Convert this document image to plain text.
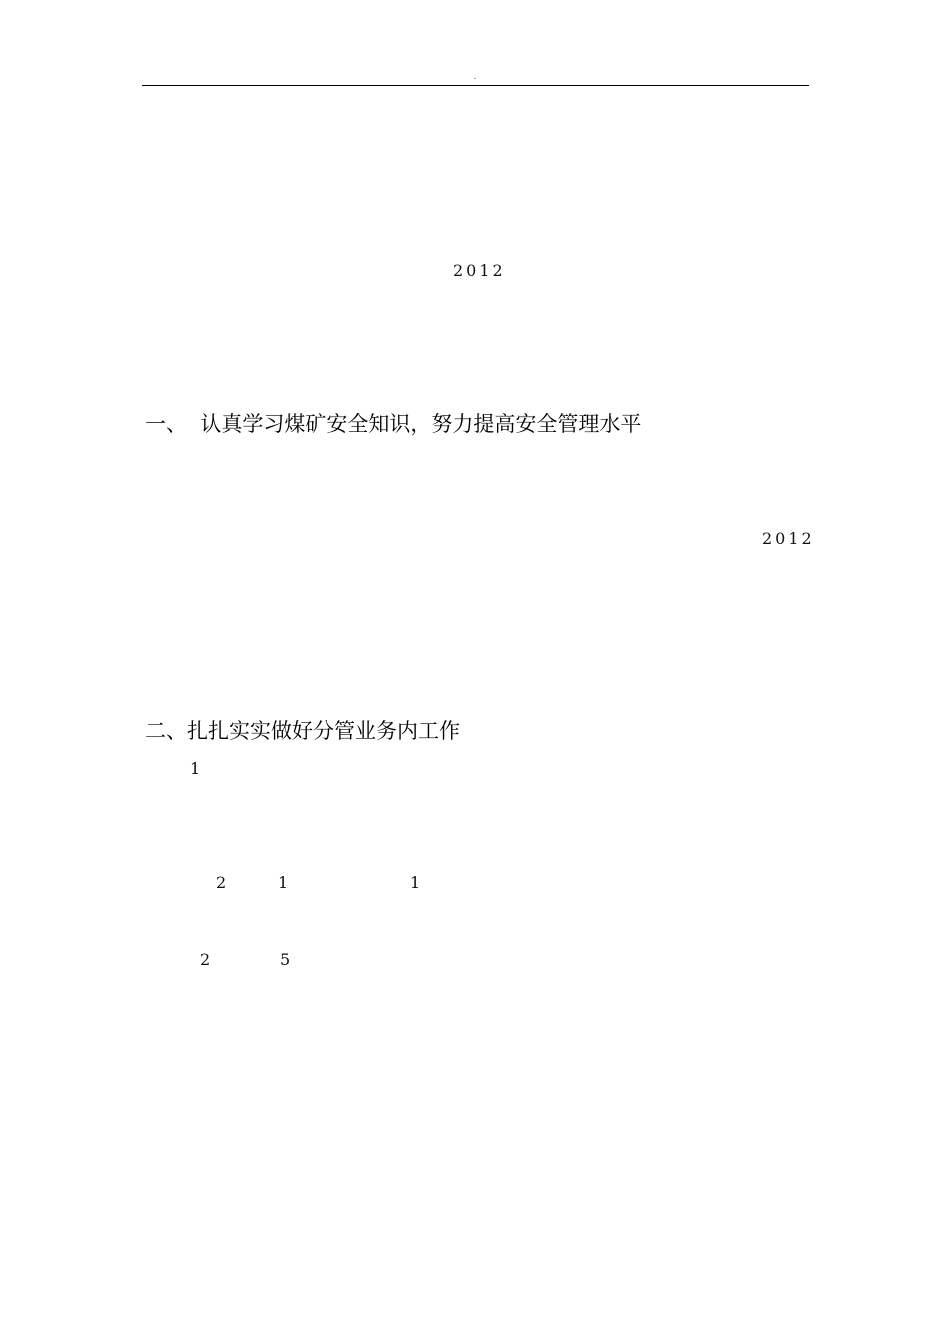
.
2012
一、  认真学习煤矿安全知识，努力提高安全管理水平
2012
二、扎扎实实做好分管业务内工作
1
2	1	1
2	5
